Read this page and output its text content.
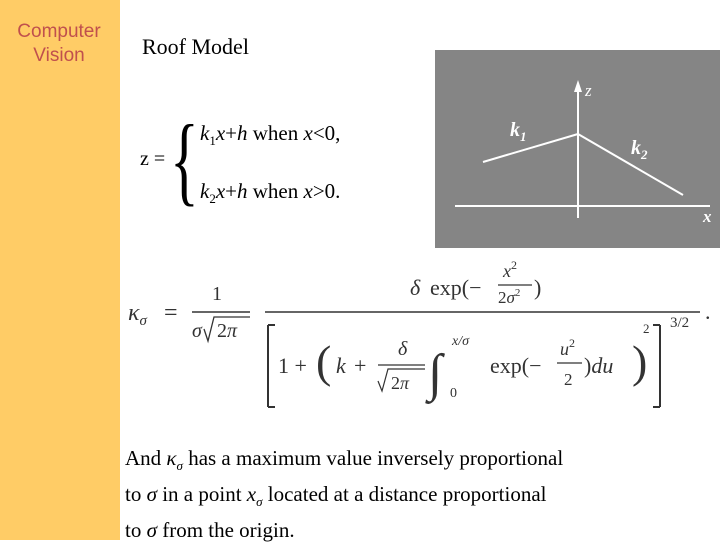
Computer
Vision	Roof Model
z = { $k_1x+h$ when x<0,
$k_2x+h$ when x>0.
z
x
$k_1$
$k_2$
$\kappa_\sigma$ =
1
σ 2π
δ exp(−
$x^2$
$2\sigma^2$ )
1 + ( k +
δ
2π ∫
x/σ
0
exp(−
$u^2$
2
)du )
2 3/2 .
And $\kappa_\sigma$ has a maximum value inversely proportional
to σ in a point $x_\sigma$ located at a distance proportional
to σ from the origin.
